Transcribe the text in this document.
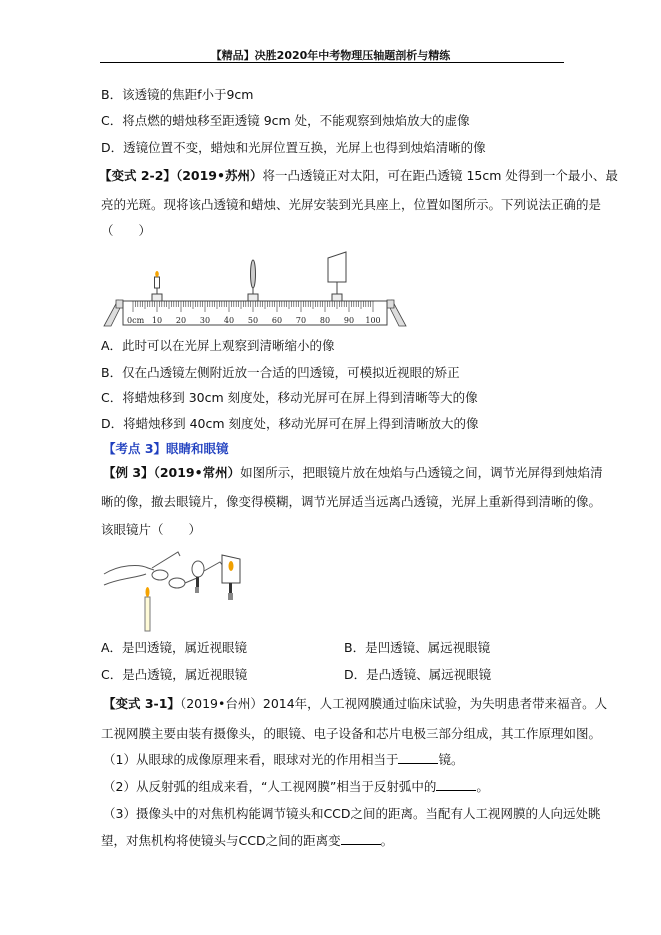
【精品】决胜2020年中考物理压轴题剖析与精练
B．该透镜的焦距f小于9cm
C．将点燃的蜡烛移至距透镜 9cm 处，不能观察到烛焰放大的虚像
D．透镜位置不变，蜡烛和光屏位置互换，光屏上也得到烛焰清晰的像
【变式 2-2】（2019•苏州）将一凸透镜正对太阳，可在距凸透镜 15cm 处得到一个最小、最
亮的光斑。现将该凸透镜和蜡烛、光屏安装到光具座上，位置如图所示。下列说法正确的是
（　　）
0cm 10 20 30 40 50 60 70 80 90 100
A．此时可以在光屏上观察到清晰缩小的像
B．仅在凸透镜左侧附近放一合适的凹透镜，可模拟近视眼的矫正
C．将蜡烛移到 30cm 刻度处，移动光屏可在屏上得到清晰等大的像
D．将蜡烛移到 40cm 刻度处，移动光屏可在屏上得到清晰放大的像
【考点 3】眼睛和眼镜
【例 3】（2019•常州）如图所示，把眼镜片放在烛焰与凸透镜之间，调节光屏得到烛焰清
晰的像，撤去眼镜片，像变得模糊，调节光屏适当远离凸透镜，光屏上重新得到清晰的像。
该眼镜片（　　）
A．是凹透镜，属近视眼镜	B．是凹透镜、属远视眼镜
C．是凸透镜，属近视眼镜	D．是凸透镜、属远视眼镜
【变式 3-1】（2019•台州）2014年，人工视网膜通过临床试验，为失明患者带来福音。人
工视网膜主要由装有摄像头，的眼镜、电子设备和芯片电极三部分组成，其工作原理如图。
（1）从眼球的成像原理来看，眼球对光的作用相当于	镜。
（2）从反射弧的组成来看，“人工视网膜”相当于反射弧中的	。
（3）摄像头中的对焦机构能调节镜头和CCD之间的距离。当配有人工视网膜的人向远处眺
望，对焦机构将使镜头与CCD之间的距离变	。
